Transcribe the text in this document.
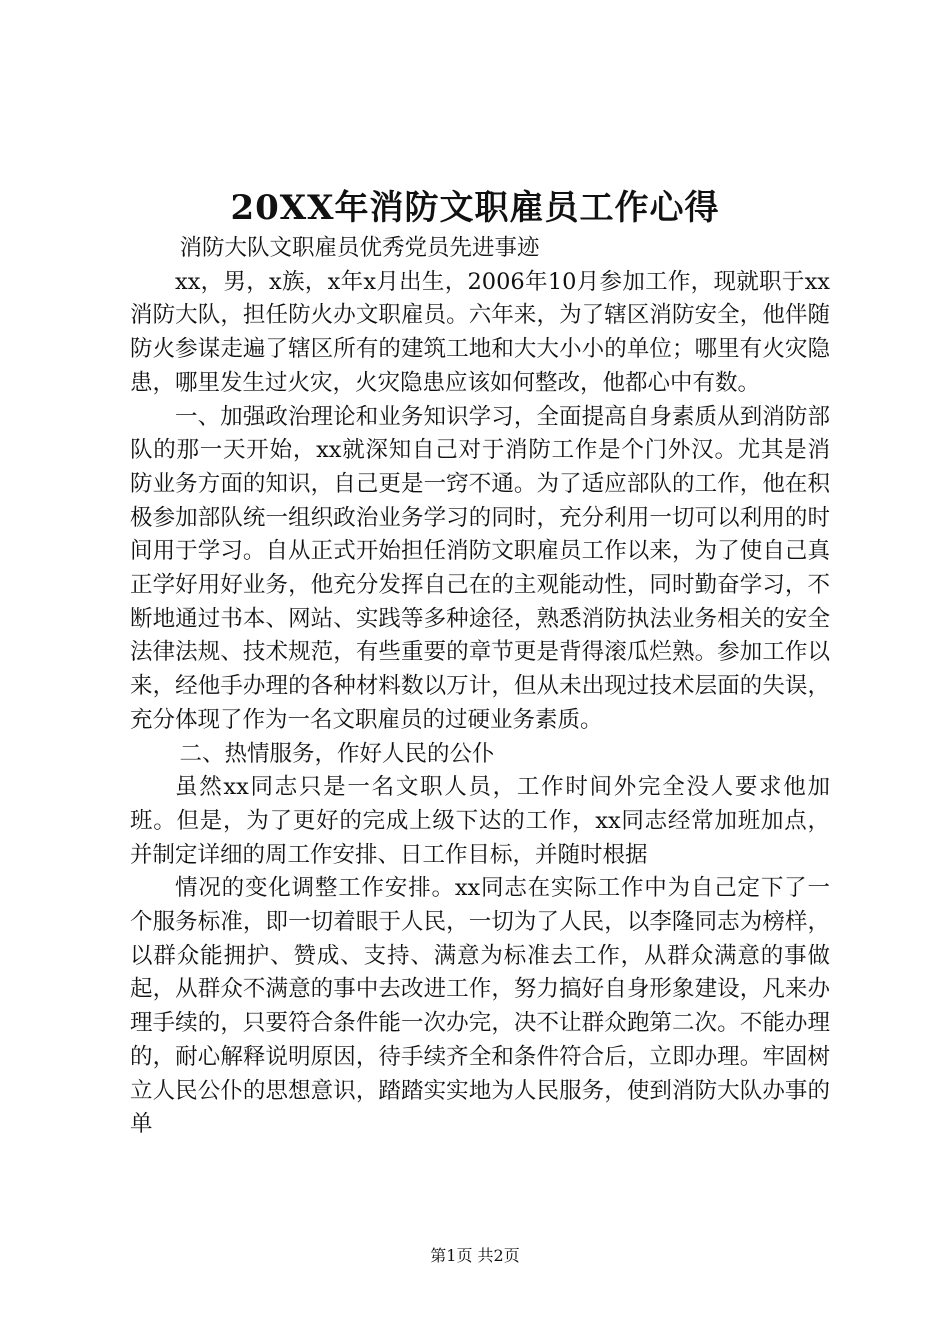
20XX年消防文职雇员工作心得

消防大队文职雇员优秀党员先进事迹

xx，男，x族，x年x月出生，2006年10月参加工作，现就职于xx消防大队，担任防火办文职雇员。六年来，为了辖区消防安全，他伴随防火参谋走遍了辖区所有的建筑工地和大大小小的单位；哪里有火灾隐患，哪里发生过火灾，火灾隐患应该如何整改，他都心中有数。

一、加强政治理论和业务知识学习，全面提高自身素质从到消防部队的那一天开始，xx就深知自己对于消防工作是个门外汉。尤其是消防业务方面的知识，自己更是一窍不通。为了适应部队的工作，他在积极参加部队统一组织政治业务学习的同时，充分利用一切可以利用的时间用于学习。自从正式开始担任消防文职雇员工作以来，为了使自己真正学好用好业务，他充分发挥自己在的主观能动性，同时勤奋学习，不断地通过书本、网站、实践等多种途径，熟悉消防执法业务相关的安全法律法规、技术规范，有些重要的章节更是背得滚瓜烂熟。参加工作以来，经他手办理的各种材料数以万计，但从未出现过技术层面的失误，充分体现了作为一名文职雇员的过硬业务素质。

二、热情服务，作好人民的公仆

虽然xx同志只是一名文职人员，工作时间外完全没人要求他加班。但是，为了更好的完成上级下达的工作，xx同志经常加班加点，并制定详细的周工作安排、日工作目标，并随时根据

情况的变化调整工作安排。xx同志在实际工作中为自己定下了一个服务标准，即一切着眼于人民，一切为了人民，以李隆同志为榜样，以群众能拥护、赞成、支持、满意为标准去工作，从群众满意的事做起，从群众不满意的事中去改进工作，努力搞好自身形象建设，凡来办理手续的，只要符合条件能一次办完，决不让群众跑第二次。不能办理的，耐心解释说明原因，待手续齐全和条件符合后，立即办理。牢固树立人民公仆的思想意识，踏踏实实地为人民服务，使到消防大队办事的单

第1页 共2页
